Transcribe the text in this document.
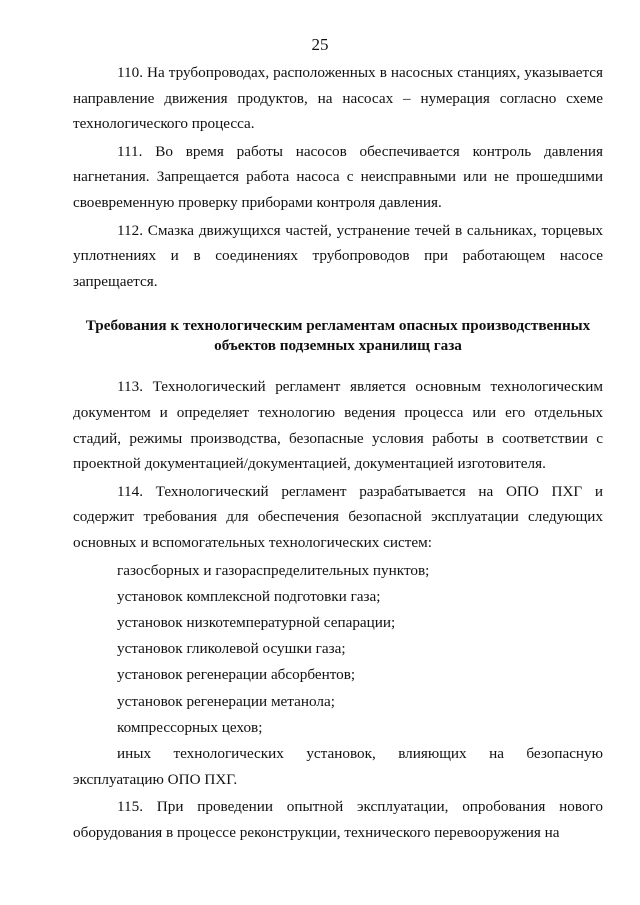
25

110. На трубопроводах, расположенных в насосных станциях, указывается направление движения продуктов, на насосах – нумерация согласно схеме технологического процесса.

111. Во время работы насосов обеспечивается контроль давления нагнетания. Запрещается работа насоса с неисправными или не прошедшими своевременную проверку приборами контроля давления.

112. Смазка движущихся частей, устранение течей в сальниках, торцевых уплотнениях и в соединениях трубопроводов при работающем насосе запрещается.

Требования к технологическим регламентам опасных производственных объектов подземных хранилищ газа

113. Технологический регламент является основным технологическим документом и определяет технологию ведения процесса или его отдельных стадий, режимы производства, безопасные условия работы в соответствии с проектной документацией/документацией, документацией изготовителя.

114. Технологический регламент разрабатывается на ОПО ПХГ и содержит требования для обеспечения безопасной эксплуатации следующих основных и вспомогательных технологических систем:

газосборных и газораспределительных пунктов;

установок комплексной подготовки газа;

установок низкотемпературной сепарации;

установок гликолевой осушки газа;

установок регенерации абсорбентов;

установок регенерации метанола;

компрессорных цехов;

иных технологических установок, влияющих на безопасную эксплуатацию ОПО ПХГ.

115. При проведении опытной эксплуатации, опробования нового оборудования в процессе реконструкции, технического перевооружения на
